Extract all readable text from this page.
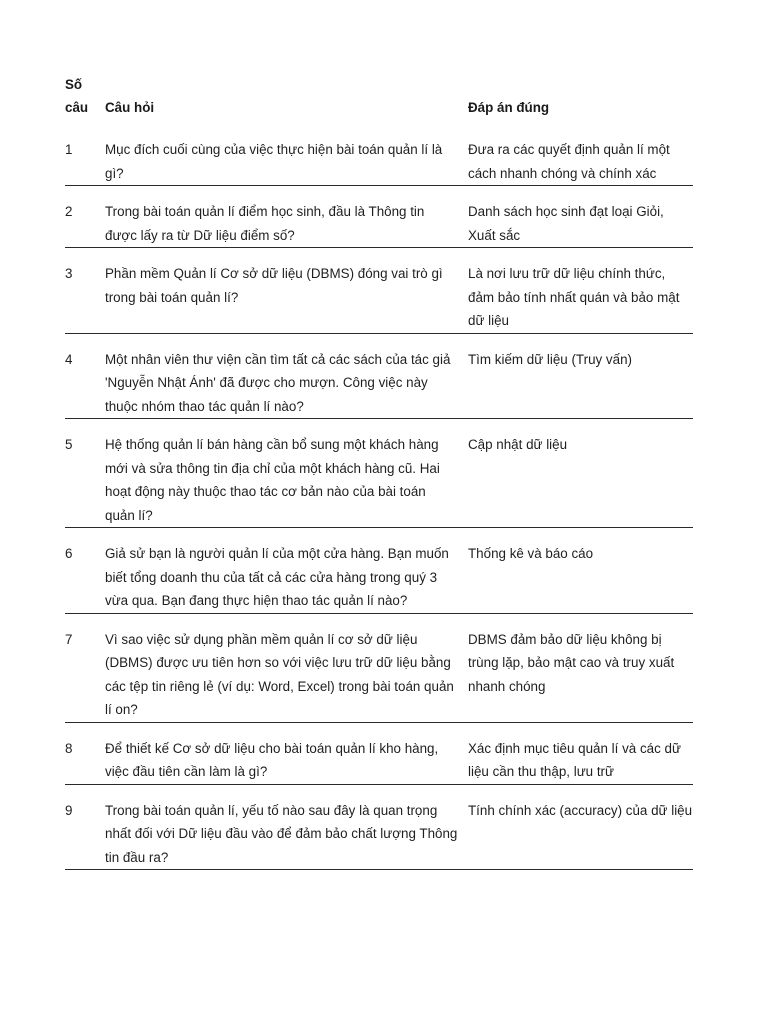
Số
câu	Câu hỏi	Đáp án đúng
1	Mục đích cuối cùng của việc thực hiện bài toán quản lí là gì?	Đưa ra các quyết định quản lí một cách nhanh chóng và chính xác
2	Trong bài toán quản lí điểm học sinh, đầu là Thông tin được lấy ra từ Dữ liệu điểm số?	Danh sách học sinh đạt loại Giỏi, Xuất sắc
3	Phần mềm Quản lí Cơ sở dữ liệu (DBMS) đóng vai trò gì trong bài toán quản lí?	Là nơi lưu trữ dữ liệu chính thức, đảm bảo tính nhất quán và bảo mật dữ liệu
4	Một nhân viên thư viện cần tìm tất cả các sách của tác giả 'Nguyễn Nhật Ánh' đã được cho mượn. Công việc này thuộc nhóm thao tác quản lí nào?	Tìm kiếm dữ liệu (Truy vấn)
5	Hệ thống quản lí bán hàng cần bổ sung một khách hàng mới và sửa thông tin địa chỉ của một khách hàng cũ. Hai hoạt động này thuộc thao tác cơ bản nào của bài toán quản lí?	Cập nhật dữ liệu
6	Giả sử bạn là người quản lí của một cửa hàng. Bạn muốn biết tổng doanh thu của tất cả các cửa hàng trong quý 3 vừa qua. Bạn đang thực hiện thao tác quản lí nào?	Thống kê và báo cáo
7	Vì sao việc sử dụng phần mềm quản lí cơ sở dữ liệu (DBMS) được ưu tiên hơn so với việc lưu trữ dữ liệu bằng các tệp tin riêng lẻ (ví dụ: Word, Excel) trong bài toán quản lí on?	DBMS đảm bảo dữ liệu không bị trùng lặp, bảo mật cao và truy xuất nhanh chóng
8	Để thiết kế Cơ sở dữ liệu cho bài toán quản lí kho hàng, việc đầu tiên cần làm là gì?	Xác định mục tiêu quản lí và các dữ liệu cần thu thập, lưu trữ
9	Trong bài toán quản lí, yếu tố nào sau đây là quan trọng nhất đối với Dữ liệu đầu vào để đảm bảo chất lượng Thông tin đầu ra?	Tính chính xác (accuracy) của dữ liệu
